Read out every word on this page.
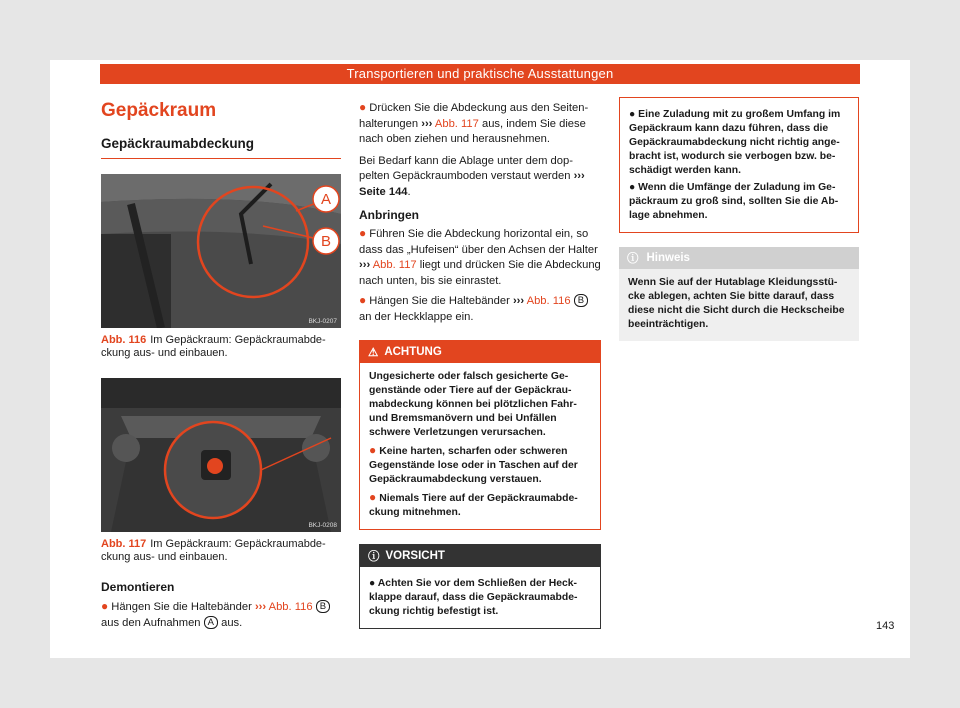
Transportieren und praktische Ausstattungen
Gepäckraum
Gepäckraumabdeckung
A
B
BKJ-0207
Abb. 116 Im Gepäckraum: Gepäckraumabde-ckung aus- und einbauen.
BKJ-0208
Abb. 117 Im Gepäckraum: Gepäckraumabde-ckung aus- und einbauen.
Demontieren
● Hängen Sie die Haltebänder ››› Abb. 116 B aus den Aufnahmen A aus.
● Drücken Sie die Abdeckung aus den Seiten-halterungen ››› Abb. 117 aus, indem Sie diese nach oben ziehen und herausnehmen.

Bei Bedarf kann die Ablage unter dem dop-pelten Gepäckraumboden verstaut werden ››› Seite 144.

Anbringen
● Führen Sie die Abdeckung horizontal ein, so dass das „Hufeisen“ über den Achsen der Halter ››› Abb. 117 liegt und drücken Sie die Abdeckung nach unten, bis sie einrastet.
● Hängen Sie die Haltebänder ››› Abb. 116 B an der Heckklappe ein.
⚠ ACHTUNG
Ungesicherte oder falsch gesicherte Ge-genstände oder Tiere auf der Gepäckrau-mabdeckung können bei plötzlichen Fahr- und Bremsmanövern und bei Unfällen schwere Verletzungen verursachen.
● Keine harten, scharfen oder schweren Gegenstände lose oder in Taschen auf der Gepäckraumabdeckung verstauen.
● Niemals Tiere auf der Gepäckraumabde-ckung mitnehmen.
ⓘ VORSICHT
● Achten Sie vor dem Schließen der Heck-klappe darauf, dass die Gepäckraumabde-ckung richtig befestigt ist.
● Eine Zuladung mit zu großem Umfang im Gepäckraum kann dazu führen, dass die Gepäckraumabdeckung nicht richtig ange-bracht ist, wodurch sie verbogen bzw. be-schädigt werden kann.
● Wenn die Umfänge der Zuladung im Ge-päckraum zu groß sind, sollten Sie die Ab-lage abnehmen.
ⓘ Hinweis
Wenn Sie auf der Hutablage Kleidungsstü-cke ablegen, achten Sie bitte darauf, dass diese nicht die Sicht durch die Heckscheibe beeinträchtigen.
143
